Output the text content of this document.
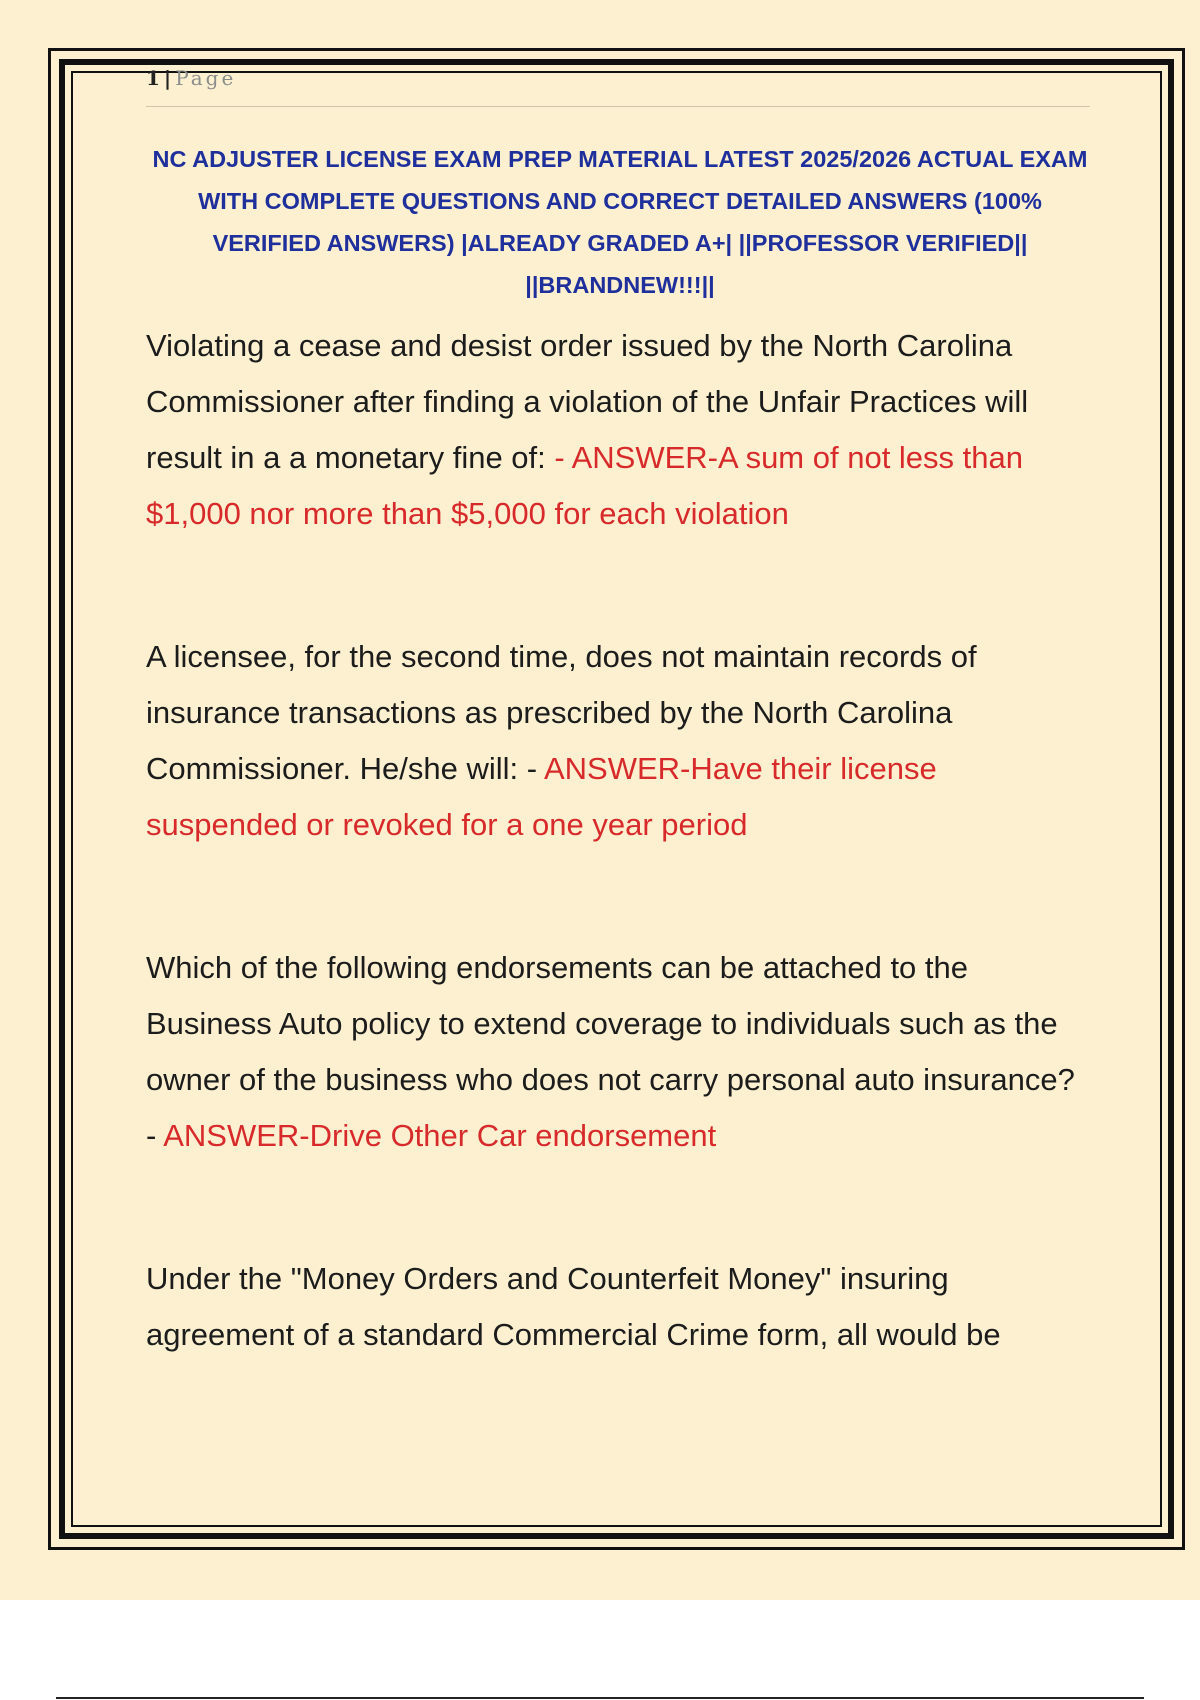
1 | Page
NC ADJUSTER LICENSE EXAM PREP MATERIAL LATEST 2025/2026 ACTUAL EXAM WITH COMPLETE QUESTIONS AND CORRECT DETAILED ANSWERS (100% VERIFIED ANSWERS) |ALREADY GRADED A+| ||PROFESSOR VERIFIED|| ||BRANDNEW!!!||
Violating a cease and desist order issued by the North Carolina Commissioner after finding a violation of the Unfair Practices will result in a a monetary fine of: - ANSWER-A sum of not less than $1,000 nor more than $5,000 for each violation
A licensee, for the second time, does not maintain records of insurance transactions as prescribed by the North Carolina Commissioner. He/she will: - ANSWER-Have their license suspended or revoked for a one year period
Which of the following endorsements can be attached to the Business Auto policy to extend coverage to individuals such as the owner of the business who does not carry personal auto insurance? - ANSWER-Drive Other Car endorsement
Under the "Money Orders and Counterfeit Money" insuring agreement of a standard Commercial Crime form, all would be
